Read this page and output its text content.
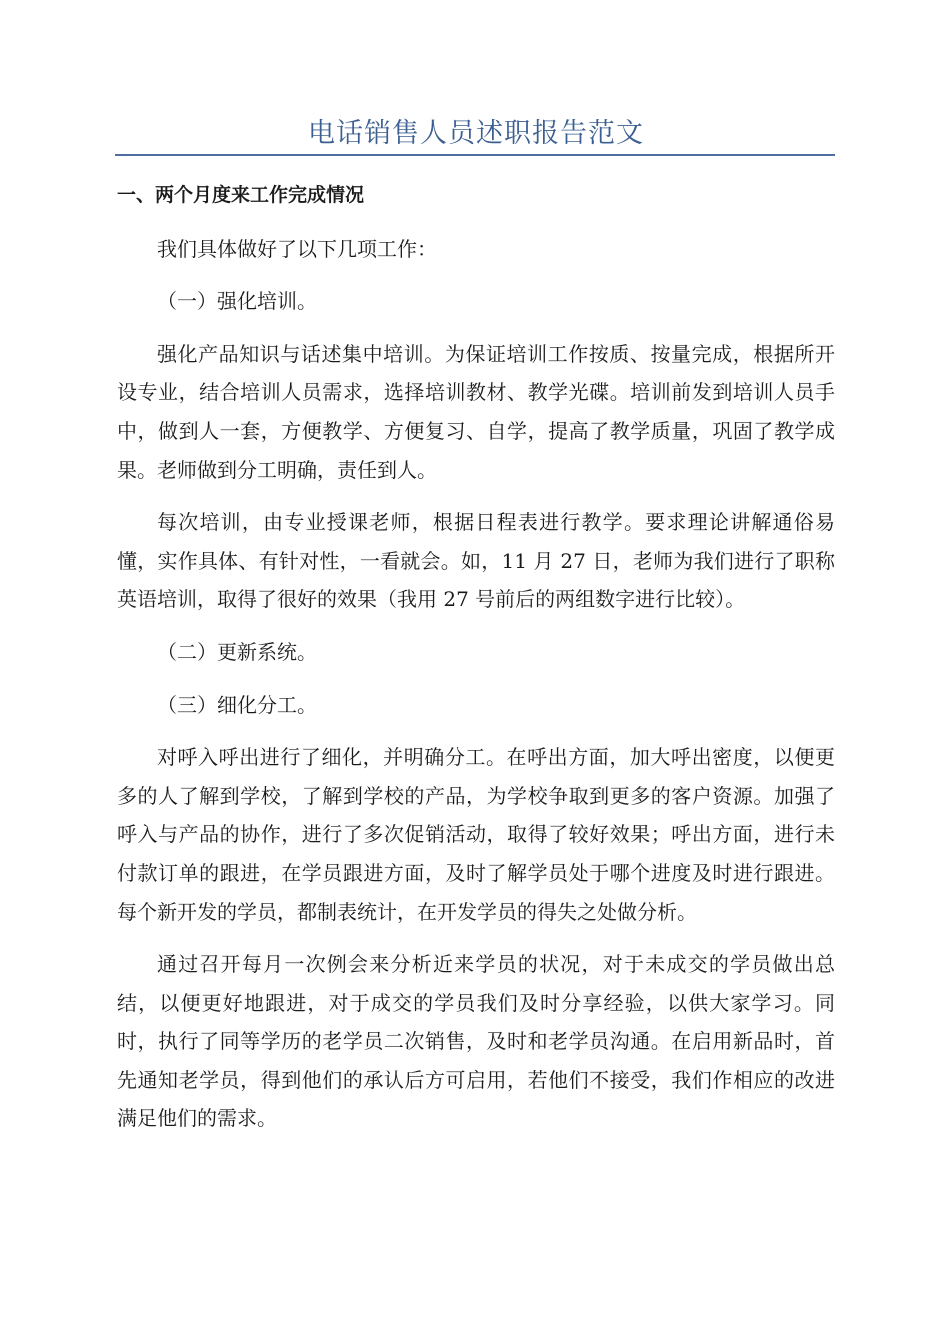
电话销售人员述职报告范文

一、两个月度来工作完成情况

我们具体做好了以下几项工作：

（一）强化培训。

强化产品知识与话述集中培训。为保证培训工作按质、按量完成，根据所开设专业，结合培训人员需求，选择培训教材、教学光碟。培训前发到培训人员手中，做到人一套，方便教学、方便复习、自学，提高了教学质量，巩固了教学成果。老师做到分工明确，责任到人。

每次培训，由专业授课老师，根据日程表进行教学。要求理论讲解通俗易懂，实作具体、有针对性，一看就会。如，11 月 27 日，老师为我们进行了职称英语培训，取得了很好的效果（我用 27 号前后的两组数字进行比较）。

（二）更新系统。

（三）细化分工。

对呼入呼出进行了细化，并明确分工。在呼出方面，加大呼出密度，以便更多的人了解到学校，了解到学校的产品，为学校争取到更多的客户资源。加强了呼入与产品的协作，进行了多次促销活动，取得了较好效果；呼出方面，进行未付款订单的跟进，在学员跟进方面，及时了解学员处于哪个进度及时进行跟进。每个新开发的学员，都制表统计，在开发学员的得失之处做分析。

通过召开每月一次例会来分析近来学员的状况，对于未成交的学员做出总结，以便更好地跟进，对于成交的学员我们及时分享经验，以供大家学习。同时，执行了同等学历的老学员二次销售，及时和老学员沟通。在启用新品时，首先通知老学员，得到他们的承认后方可启用，若他们不接受，我们作相应的改进满足他们的需求。
